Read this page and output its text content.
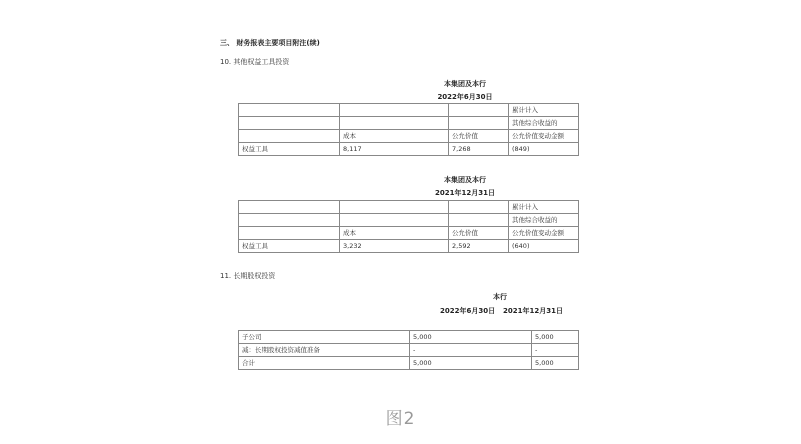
三、 财务报表主要项目附注(续)
10. 其他权益工具投资
本集团及本行
2022年6月30日
			累计计入
			其他综合收益的
	成本	公允价值	公允价值变动金额
权益工具	8,117	7,268	(849)
本集团及本行
2021年12月31日
			累计计入
			其他综合收益的
	成本	公允价值	公允价值变动金额
权益工具	3,232	2,592	(640)
11. 长期股权投资
本行
2022年6月30日	2021年12月31日
子公司	5,000	5,000
减：长期股权投资减值准备	-	-
合计	5,000	5,000
图2
